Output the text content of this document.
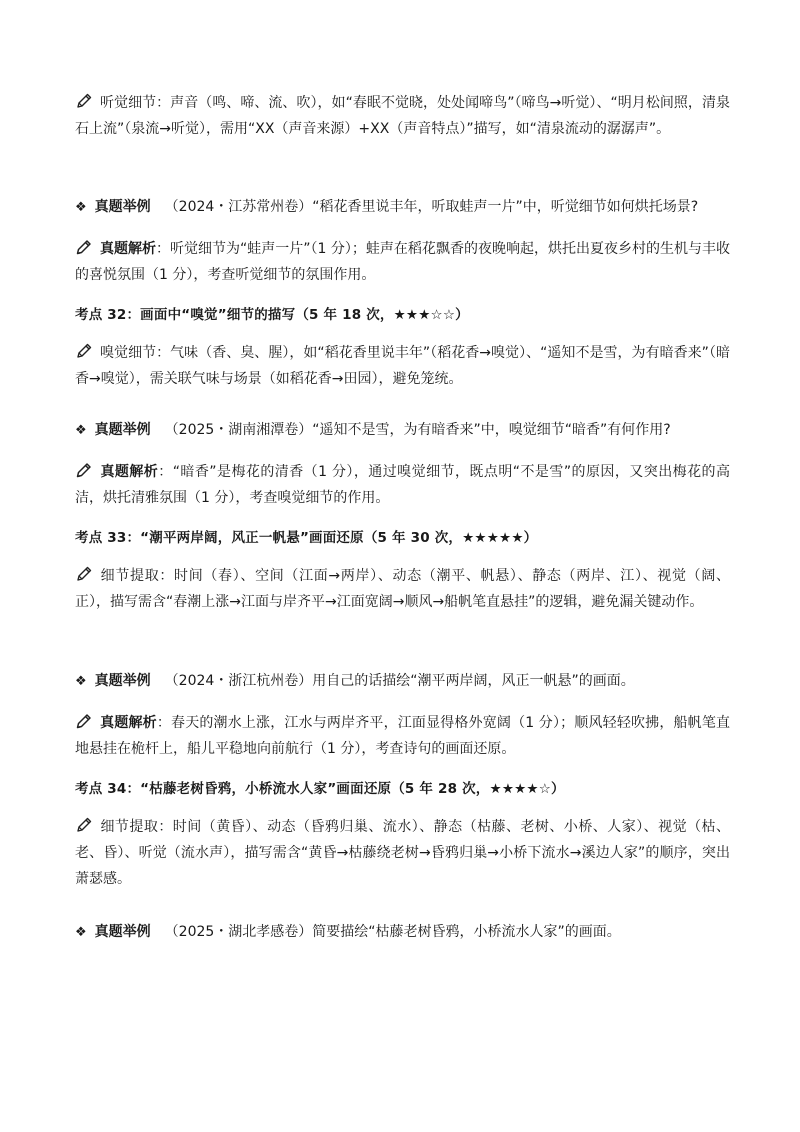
听觉细节：声音（鸣、啼、流、吹），如“春眠不觉晓，处处闻啼鸟”（啼鸟→听觉）、“明月松间照，清泉石上流”（泉流→听觉），需用“XX（声音来源）+XX（声音特点）”描写，如“清泉流动的潺潺声”。
❖ 真题举例 （2024・江苏常州卷）“稻花香里说丰年，听取蛙声一片”中，听觉细节如何烘托场景?
真题解析：听觉细节为“蛙声一片”（1 分）；蛙声在稻花飘香的夜晚响起，烘托出夏夜乡村的生机与丰收的喜悦氛围（1 分），考查听觉细节的氛围作用。
考点 32：画面中“嗅觉”细节的描写（5 年 18 次，★★★☆☆）
嗅觉细节：气味（香、臭、腥），如“稻花香里说丰年”（稻花香→嗅觉）、“遥知不是雪，为有暗香来”（暗香→嗅觉），需关联气味与场景（如稻花香→田园），避免笼统。
❖ 真题举例 （2025・湖南湘潭卷）“遥知不是雪，为有暗香来”中，嗅觉细节“暗香”有何作用?
真题解析：“暗香”是梅花的清香（1 分），通过嗅觉细节，既点明“不是雪”的原因，又突出梅花的高洁，烘托清雅氛围（1 分），考查嗅觉细节的作用。
考点 33：“潮平两岸阔，风正一帆悬”画面还原（5 年 30 次，★★★★★）
细节提取：时间（春）、空间（江面→两岸）、动态（潮平、帆悬）、静态（两岸、江）、视觉（阔、正），描写需含“春潮上涨→江面与岸齐平→江面宽阔→顺风→船帆笔直悬挂”的逻辑，避免漏关键动作。
❖ 真题举例 （2024・浙江杭州卷）用自己的话描绘“潮平两岸阔，风正一帆悬”的画面。
真题解析：春天的潮水上涨，江水与两岸齐平，江面显得格外宽阔（1 分）；顺风轻轻吹拂，船帆笔直地悬挂在桅杆上，船儿平稳地向前航行（1 分），考查诗句的画面还原。
考点 34：“枯藤老树昏鸦，小桥流水人家”画面还原（5 年 28 次，★★★★☆）
细节提取：时间（黄昏）、动态（昏鸦归巢、流水）、静态（枯藤、老树、小桥、人家）、视觉（枯、老、昏）、听觉（流水声），描写需含“黄昏→枯藤绕老树→昏鸦归巢→小桥下流水→溪边人家”的顺序，突出萧瑟感。
❖ 真题举例 （2025・湖北孝感卷）简要描绘“枯藤老树昏鸦，小桥流水人家”的画面。
